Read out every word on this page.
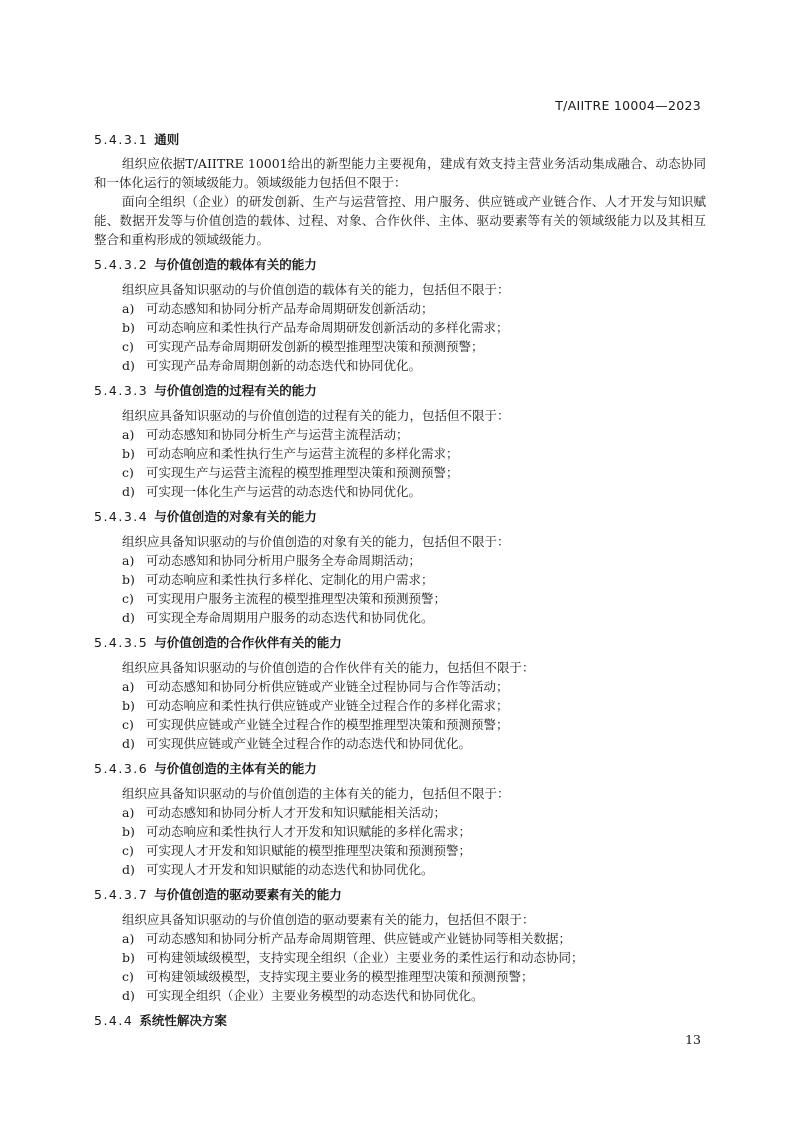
T/AIITRE 10004—2023

5.4.3.1 通则

组织应依据T/AIITRE 10001给出的新型能力主要视角，建成有效支持主营业务活动集成融合、动态协同和一体化运行的领域级能力。领域级能力包括但不限于：

面向全组织（企业）的研发创新、生产与运营管控、用户服务、供应链或产业链合作、人才开发与知识赋能、数据开发等与价值创造的载体、过程、对象、合作伙伴、主体、驱动要素等有关的领域级能力以及其相互整合和重构形成的领域级能力。

5.4.3.2 与价值创造的载体有关的能力

组织应具备知识驱动的与价值创造的载体有关的能力，包括但不限于：

a) 可动态感知和协同分析产品寿命周期研发创新活动；
b) 可动态响应和柔性执行产品寿命周期研发创新活动的多样化需求；
c) 可实现产品寿命周期研发创新的模型推理型决策和预测预警；
d) 可实现产品寿命周期创新的动态迭代和协同优化。

5.4.3.3 与价值创造的过程有关的能力

组织应具备知识驱动的与价值创造的过程有关的能力，包括但不限于：

a) 可动态感知和协同分析生产与运营主流程活动；
b) 可动态响应和柔性执行生产与运营主流程的多样化需求；
c) 可实现生产与运营主流程的模型推理型决策和预测预警；
d) 可实现一体化生产与运营的动态迭代和协同优化。

5.4.3.4 与价值创造的对象有关的能力

组织应具备知识驱动的与价值创造的对象有关的能力，包括但不限于：

a) 可动态感知和协同分析用户服务全寿命周期活动；
b) 可动态响应和柔性执行多样化、定制化的用户需求；
c) 可实现用户服务主流程的模型推理型决策和预测预警；
d) 可实现全寿命周期用户服务的动态迭代和协同优化。

5.4.3.5 与价值创造的合作伙伴有关的能力

组织应具备知识驱动的与价值创造的合作伙伴有关的能力，包括但不限于：

a) 可动态感知和协同分析供应链或产业链全过程协同与合作等活动；
b) 可动态响应和柔性执行供应链或产业链全过程合作的多样化需求；
c) 可实现供应链或产业链全过程合作的模型推理型决策和预测预警；
d) 可实现供应链或产业链全过程合作的动态迭代和协同优化。

5.4.3.6 与价值创造的主体有关的能力

组织应具备知识驱动的与价值创造的主体有关的能力，包括但不限于：

a) 可动态感知和协同分析人才开发和知识赋能相关活动；
b) 可动态响应和柔性执行人才开发和知识赋能的多样化需求；
c) 可实现人才开发和知识赋能的模型推理型决策和预测预警；
d) 可实现人才开发和知识赋能的动态迭代和协同优化。

5.4.3.7 与价值创造的驱动要素有关的能力

组织应具备知识驱动的与价值创造的驱动要素有关的能力，包括但不限于：

a) 可动态感知和协同分析产品寿命周期管理、供应链或产业链协同等相关数据；
b) 可构建领域级模型，支持实现全组织（企业）主要业务的柔性运行和动态协同；
c) 可构建领域级模型，支持实现主要业务的模型推理型决策和预测预警；
d) 可实现全组织（企业）主要业务模型的动态迭代和协同优化。

5.4.4 系统性解决方案

13
